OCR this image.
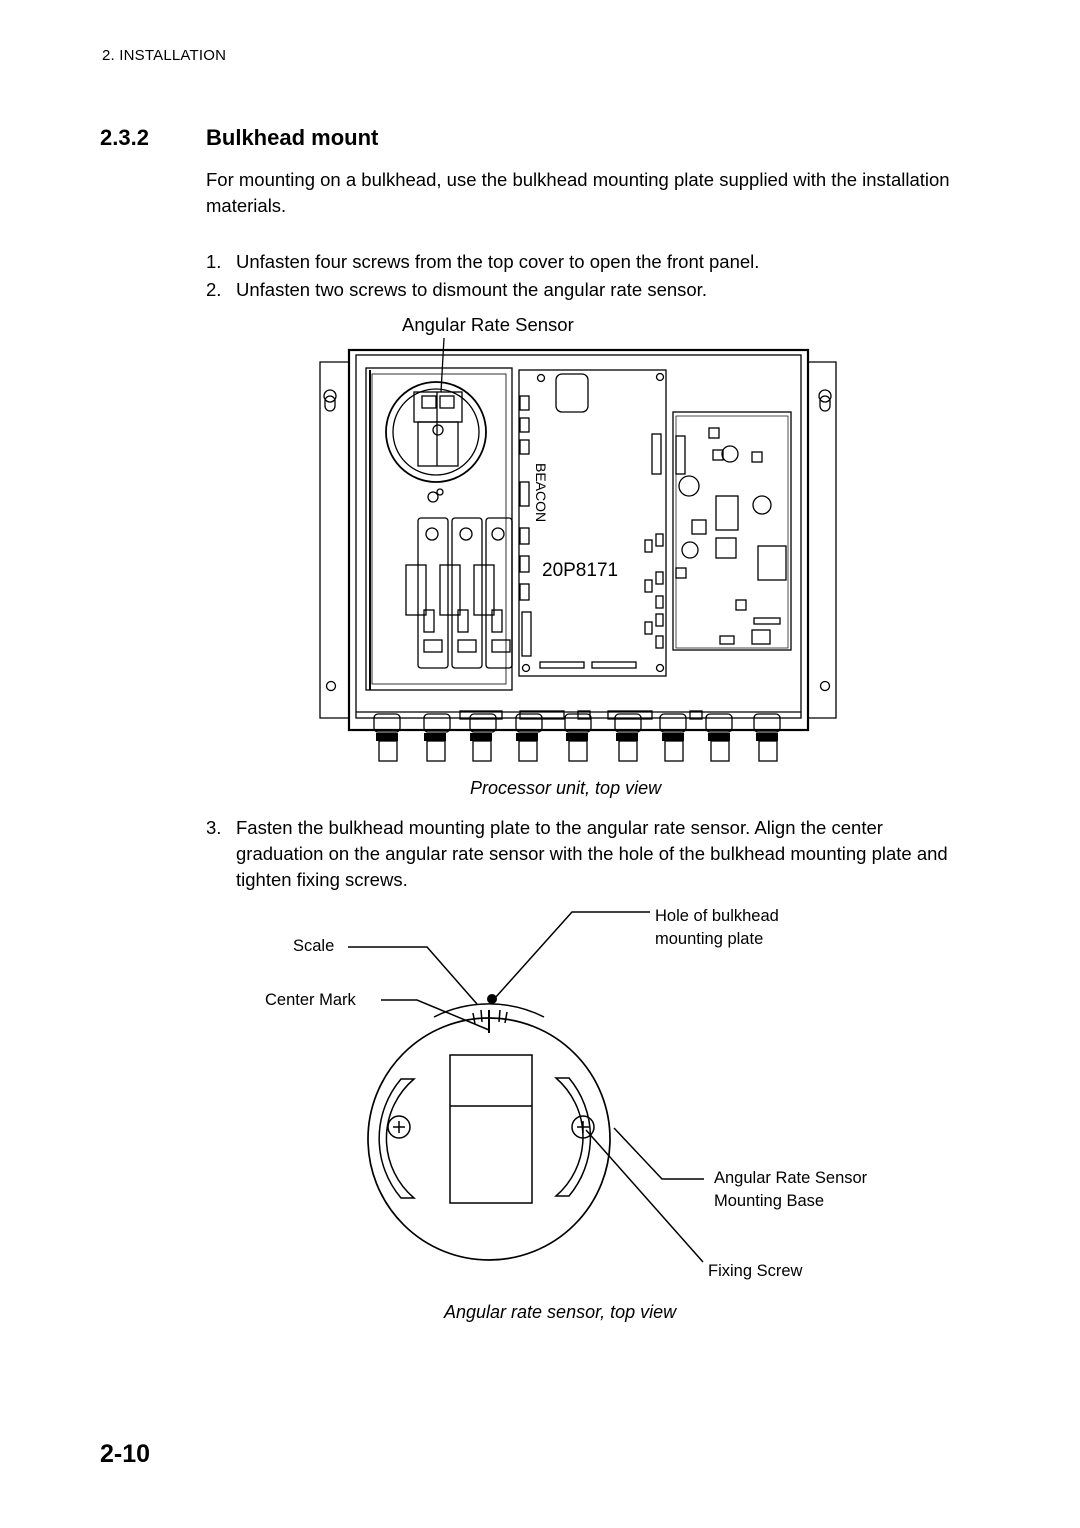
2. INSTALLATION
2.3.2	Bulkhead mount
For mounting on a bulkhead, use the bulkhead mounting plate supplied with the installation materials.
1. Unfasten four screws from the top cover to open the front panel.
2. Unfasten two screws to dismount the angular rate sensor.
Angular Rate Sensor
BEACON
20P8171
Processor unit, top view
3. Fasten the bulkhead mounting plate to the angular rate sensor. Align the center graduation on the angular rate sensor with the hole of the bulkhead mounting plate and tighten fixing screws.
Scale
Center Mark
Hole of bulkhead
mounting plate
Angular Rate Sensor
Mounting Base
Fixing Screw
Angular rate sensor, top view
2-10
